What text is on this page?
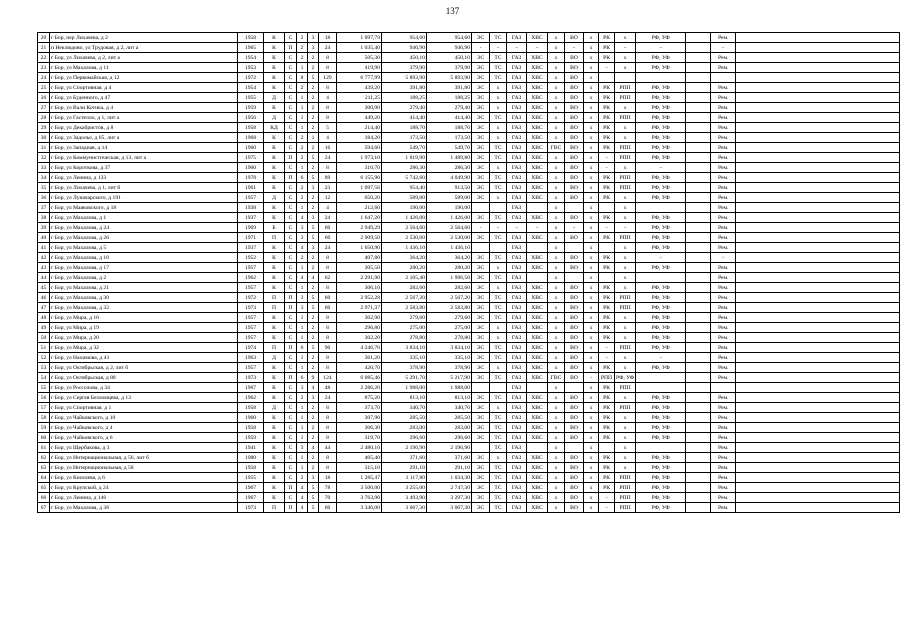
137
20	г Бор, пер Лихачева, д 2	1958	К	С	2	3	18	1 097,79	954,60	954,60	ЭС	ТС	ГАЗ	ХВС	х	ВО	х	РК	х	РФ, УФ		Рем.	
21	п Неклюдово, ул Трудовая, д 2, лит а	1965	К	П	2	3	24	1 035,40	946,90	946,90	-	-	-	-	х	-	х	РК	-	-		-	
22	г Бор, ул Лихачева, д 2, лит а	1954	К	С	2	2	8	505,30	450,10	450,10	ЭС	ТС	ГАЗ	ХВС	х	ВО	х	РК	х	РФ, УФ		Рем.	
23	г Бор, ул Махалова, д 11	1953	К	С	1	2	8	419,90	379,90	379,90	ЭС	ТС	ГАЗ	ХВС	х	ВО	х	-	х	РФ, УФ		Рем.	
24	г Бор, ул Первомайская, д 12	1972	К	С	8	5	129	6 777,99	5 893,90	5 893,90	ЭС	ТС	ГАЗ	ХВС	х	ВО	х						
25	г Бор, ул Спортивная, д 4	1954	К	С	2	2	8	439,20	391,80	391,80	ЭС	х	ГАЗ	ХВС	х	ВО	х	РК	РПП	РФ, УФ		Рем.	
26	г Бор, ул Буденного, д 47	1955	Д	С	1	2	4	211,25	188,25	188,25	ЭС	х	ГАЗ	ХВС	х	ВО	х	РК	РПП	РФ, УФ		Рем.	
27	г Бор, ул Вали Котика, д 4	1959	К	С	1	2	8	300,90	279,40	279,40	ЭС	х	ГАЗ	ХВС	х	ВО	х	РК	х	РФ, УФ		Рем.	
28	г Бор, ул Гастелло, д 1, лит а	1956	Д	С	1	2	8	449,20	414,40	414,40	ЭС	ТС	ГАЗ	ХВС	х	ВО	х	РК	РПП	РФ, УФ		Рем.	
29	г Бор, ул Декабристов, д 8	1958	КД	С	1	2	5	214,40	188,70	188,70	ЭС	х	ГАЗ	ХВС	х	ВО	х	РК	х	РФ, УФ		Рем.	
30	г Бор, ул Задолье, д 65, лит а	1968	К	С	2	1	4	184,20	173,50	173,50	ЭС	х	ГАЗ	ХВС	х	ВО	х	РК	х	РФ, УФ		Рем.	
31	г Бор, ул Западная, д 14	1960	К	С	2	2	16	594,60	549,70	549,70	ЭС	ТС	ГАЗ	ХВС	ГВС	ВО	х	РК	РПП	РФ, УФ		Рем.	
32	г Бор, ул Коммунистическая, д 13, лит а	1975	К	П	2	5	24	1 973,10	1 819,90	1 489,80	ЭС	ТС	ГАЗ	ХВС	х	ВО	х	-	РПП	РФ, УФ		Рем.	
33	г Бор, ул Короткова, д 37	1960	К	С	1	2	8	310,70	286,30	286,30	ЭС	х	ГАЗ	ХВС	х	ВО	х	-	х	-		Рем.	
34	г Бор, ул Ленина, д 133	1978	К	П	6	5	89	6 155,90	5 742,60	4 049,90	ЭС	ТС	ГАЗ	ХВС	х	ВО	х	РК	РПП	РФ, УФ		Рем.	
35	г Бор, ул Лихачева, д 1, лит б	1961	К	С	2	3	23	1 097,56	954,40	913,50	ЭС	ТС	ГАЗ	ХВС	х	ВО	х	РК	РПП	РФ, УФ		Рем.	
36	г Бор, ул Луначарского, д 191	1957	Д	С	2	2	12	650,20	589,00	589,00	ЭС	х	ГАЗ	ХВС	х	ВО	х	РК	х	РФ, УФ		Рем.	
37	г Бор, ул Маяковского, д 18	1938	К	С	1	2	4	212,60	190,00	190,00			ГАЗ		х		х		х			Рем.	
38	г Бор, ул Махалова, д 1	1937	К	С	4	3	24	1 647,20	1 426,00	1 426,00	ЭС	ТС	ГАЗ	ХВС	х	ВО	х	РК	х	РФ, УФ		Рем.	
39	г Бор, ул Махалова, д 24	1969	Б	С	3	5	60	2 949,29	2 564,60	2 564,60	-	-	-	-	х	-	х	-	-	РФ, УФ		Рем.	
40	г Бор, ул Махалова, д 26	1971	П	С	3	5	60	2 909,50	2 530,00	2 530,00	ЭС	ТС	ГАЗ	ХВС	х	ВО	х	РК	РПП	РФ, УФ		Рем.	
41	г Бор, ул Махалова, д 5	1937	К	С	4	3	24	1 650,90	1 436,10	1 436,10			ГАЗ		х		х		х	РФ, УФ		Рем.	
42	г Бор, ул Махалова, д 10	1952	К	С	2	2	8	407,80	364,20	364,20	ЭС	ТС	ГАЗ	ХВС	х	ВО	х	РК	х	-		-	
43	г Бор, ул Махалова, д 17	1957	К	С	1	2	8	305,50	280,20	280,20	ЭС	х	ГАЗ	ХВС	х	ВО	х	РК	х	РФ, УФ		Рем.	
44	г Бор, ул Махалова, д 2	1962	К	С	4	4	62	2 291,90	2 105,40	1 996,50	ЭС	ТС	ГАЗ		х		х		х			Рем.	
45	г Бор, ул Махалова, д 21	1957	К	С	1	2	8	306,10	282,60	282,60	ЭС	х	ГАЗ	ХВС	х	ВО	х	РК	х	РФ, УФ		Рем.	
46	г Бор, ул Махалова, д 30	1972	П	П	3	5	60	2 952,28	2 567,20	2 567,20	ЭС	ТС	ГАЗ	ХВС	х	ВО	х	РК	РПП	РФ, УФ		Рем.	
47	г Бор, ул Махалова, д 32	1973	П	П	3	5	60	2 971,37	2 583,80	2 583,80	ЭС	ТС	ГАЗ	ХВС	х	ВО	х	РК	РПП	РФ, УФ		Рем.	
48	г Бор, ул Мира, д 16	1957	К	С	1	2	8	302,90	279,60	279,60	ЭС	ТС	ГАЗ	ХВС	х	ВО	х	РК	х	РФ, УФ		Рем.	
49	г Бор, ул Мира, д 19	1957	К	С	1	2	8	296,80	275,00	275,00	ЭС	х	ГАЗ	ХВС	х	ВО	х	РК	х	РФ, УФ		Рем.	
50	г Бор, ул Мира, д 20	1957	К	С	1	2	8	302,20	278,80	278,80	ЭС	х	ГАЗ	ХВС	х	ВО	х	РК	х	РФ, УФ		Рем.	
51	г Бор, ул Мира, д 32	1974	П	П	6	5	90	4 246,70	3 834,10	3 834,10	ЭС	ТС	ГАЗ	ХВС	х	ВО	х	-	РПП	РФ, УФ		Рем.	
52	г Бор, ул Нахимова, д 41	1963	Д	С	1	2	8	361,20	335,10	335,10	ЭС	ТС	ГАЗ	ХВС	х	ВО	х	-	х	-		Рем.	
53	г Бор, ул Октябрьская, д 2, лит б	1957	К	С	1	2	8	420,70	378,90	378,90	ЭС	х	ГАЗ	ХВС	х	ВО	х	РК	х	РФ, УФ		Рем.	
54	г Бор, ул Октябрьская, д 88	1973	К	П	6	9	124	6 085,46	5 291,70	5 217,90	ЭС	ТС	ГАЗ	ХВС	ГВС	ВО	-	РПП	РФ, УФ			Рем.	
55	г Бор, ул Россолова, д 34	1967	К	С	3	4	48	2 286,20	1 988,00	1 988,00			ГАЗ		х		х	РК	РПП				
56	г Бор, ул Сергея Безломцева, д 13	1962	К	С	2	3	24	875,20	813,10	813,10	ЭС	ТС	ГАЗ	ХВС	х	ВО	х	РК	х	РФ, УФ		Рем.	
57	г Бор, ул Спортивная, д 1	1958	Д	С	1	2	8	373,70	340,70	340,70	ЭС	х	ГАЗ	ХВС	х	ВО	х	РК	РПП	РФ, УФ		Рем.	
58	г Бор, ул Чайковского, д 10	1960	К	С	1	2	8	307,90	285,50	285,50	ЭС	ТС	ГАЗ	ХВС	х	ВО	х	РК	х	РФ, УФ		Рем.	
59	г Бор, ул Чайковского, д 4	1958	К	С	1	2	8	306,30	283,00	283,00	ЭС	ТС	ГАЗ	ХВС	х	ВО	х	РК	х	РФ, УФ		Рем.	
60	г Бор, ул Чайковского, д 6	1959	К	С	1	2	8	319,70	296,60	296,60	ЭС	ТС	ГАЗ	ХВС	х	ВО	х	РК	х	РФ, УФ		Рем.	
61	г Бор, ул Щербакова, д 3	1941	К	С	3	4	44	2 480,10	2 196,90	2 196,90		ТС	ГАЗ		х		х		х			Рем.	
62	г Бор, ул Интернациональная, д 56, лит б	1980	К	С	1	2	8	405,40	371,60	371,60	ЭС	х	ГАЗ	ХВС	х	ВО	х	РК	х	РФ, УФ		Рем.	
63	г Бор, ул Интернациональная, д 58	1958	К	С	1	2	8	315,10	291,10	291,10	ЭС	ТС	ГАЗ	ХВС	х	ВО	х	РК	х	РФ, УФ		Рем.	
64	г Бор, ул Киселева, д 6	1955	К	С	2	3	18	1 285,47	1 117,80	1 034,30	ЭС	ТС	ГАЗ	ХВС	х	ВО	х	РК	РПП	РФ, УФ		Рем.	
65	г Бор, ул Крупской, д 24	1967	К	П	4	5	78	3 500,00	3 255,00	2 747,30	ЭС	ТС	ГАЗ	ХВС	х	ВО	х	РК	РПП	РФ, УФ		Рем.	
66	г Бор, ул Ленина, д 146	1967	К	С	4	5	70	3 763,90	3 493,90	3 297,30	ЭС	ТС	ГАЗ	ХВС	х	ВО	х	-	РПП	РФ, УФ		Рем.	
67	г Бор, ул Махалова, д 38	1973	П	П	4	5	60	3 346,00	3 067,30	3 067,30	ЭС	ТС	ГАЗ	ХВС	х	ВО	х	-	РПП	РФ, УФ		Рем.	
